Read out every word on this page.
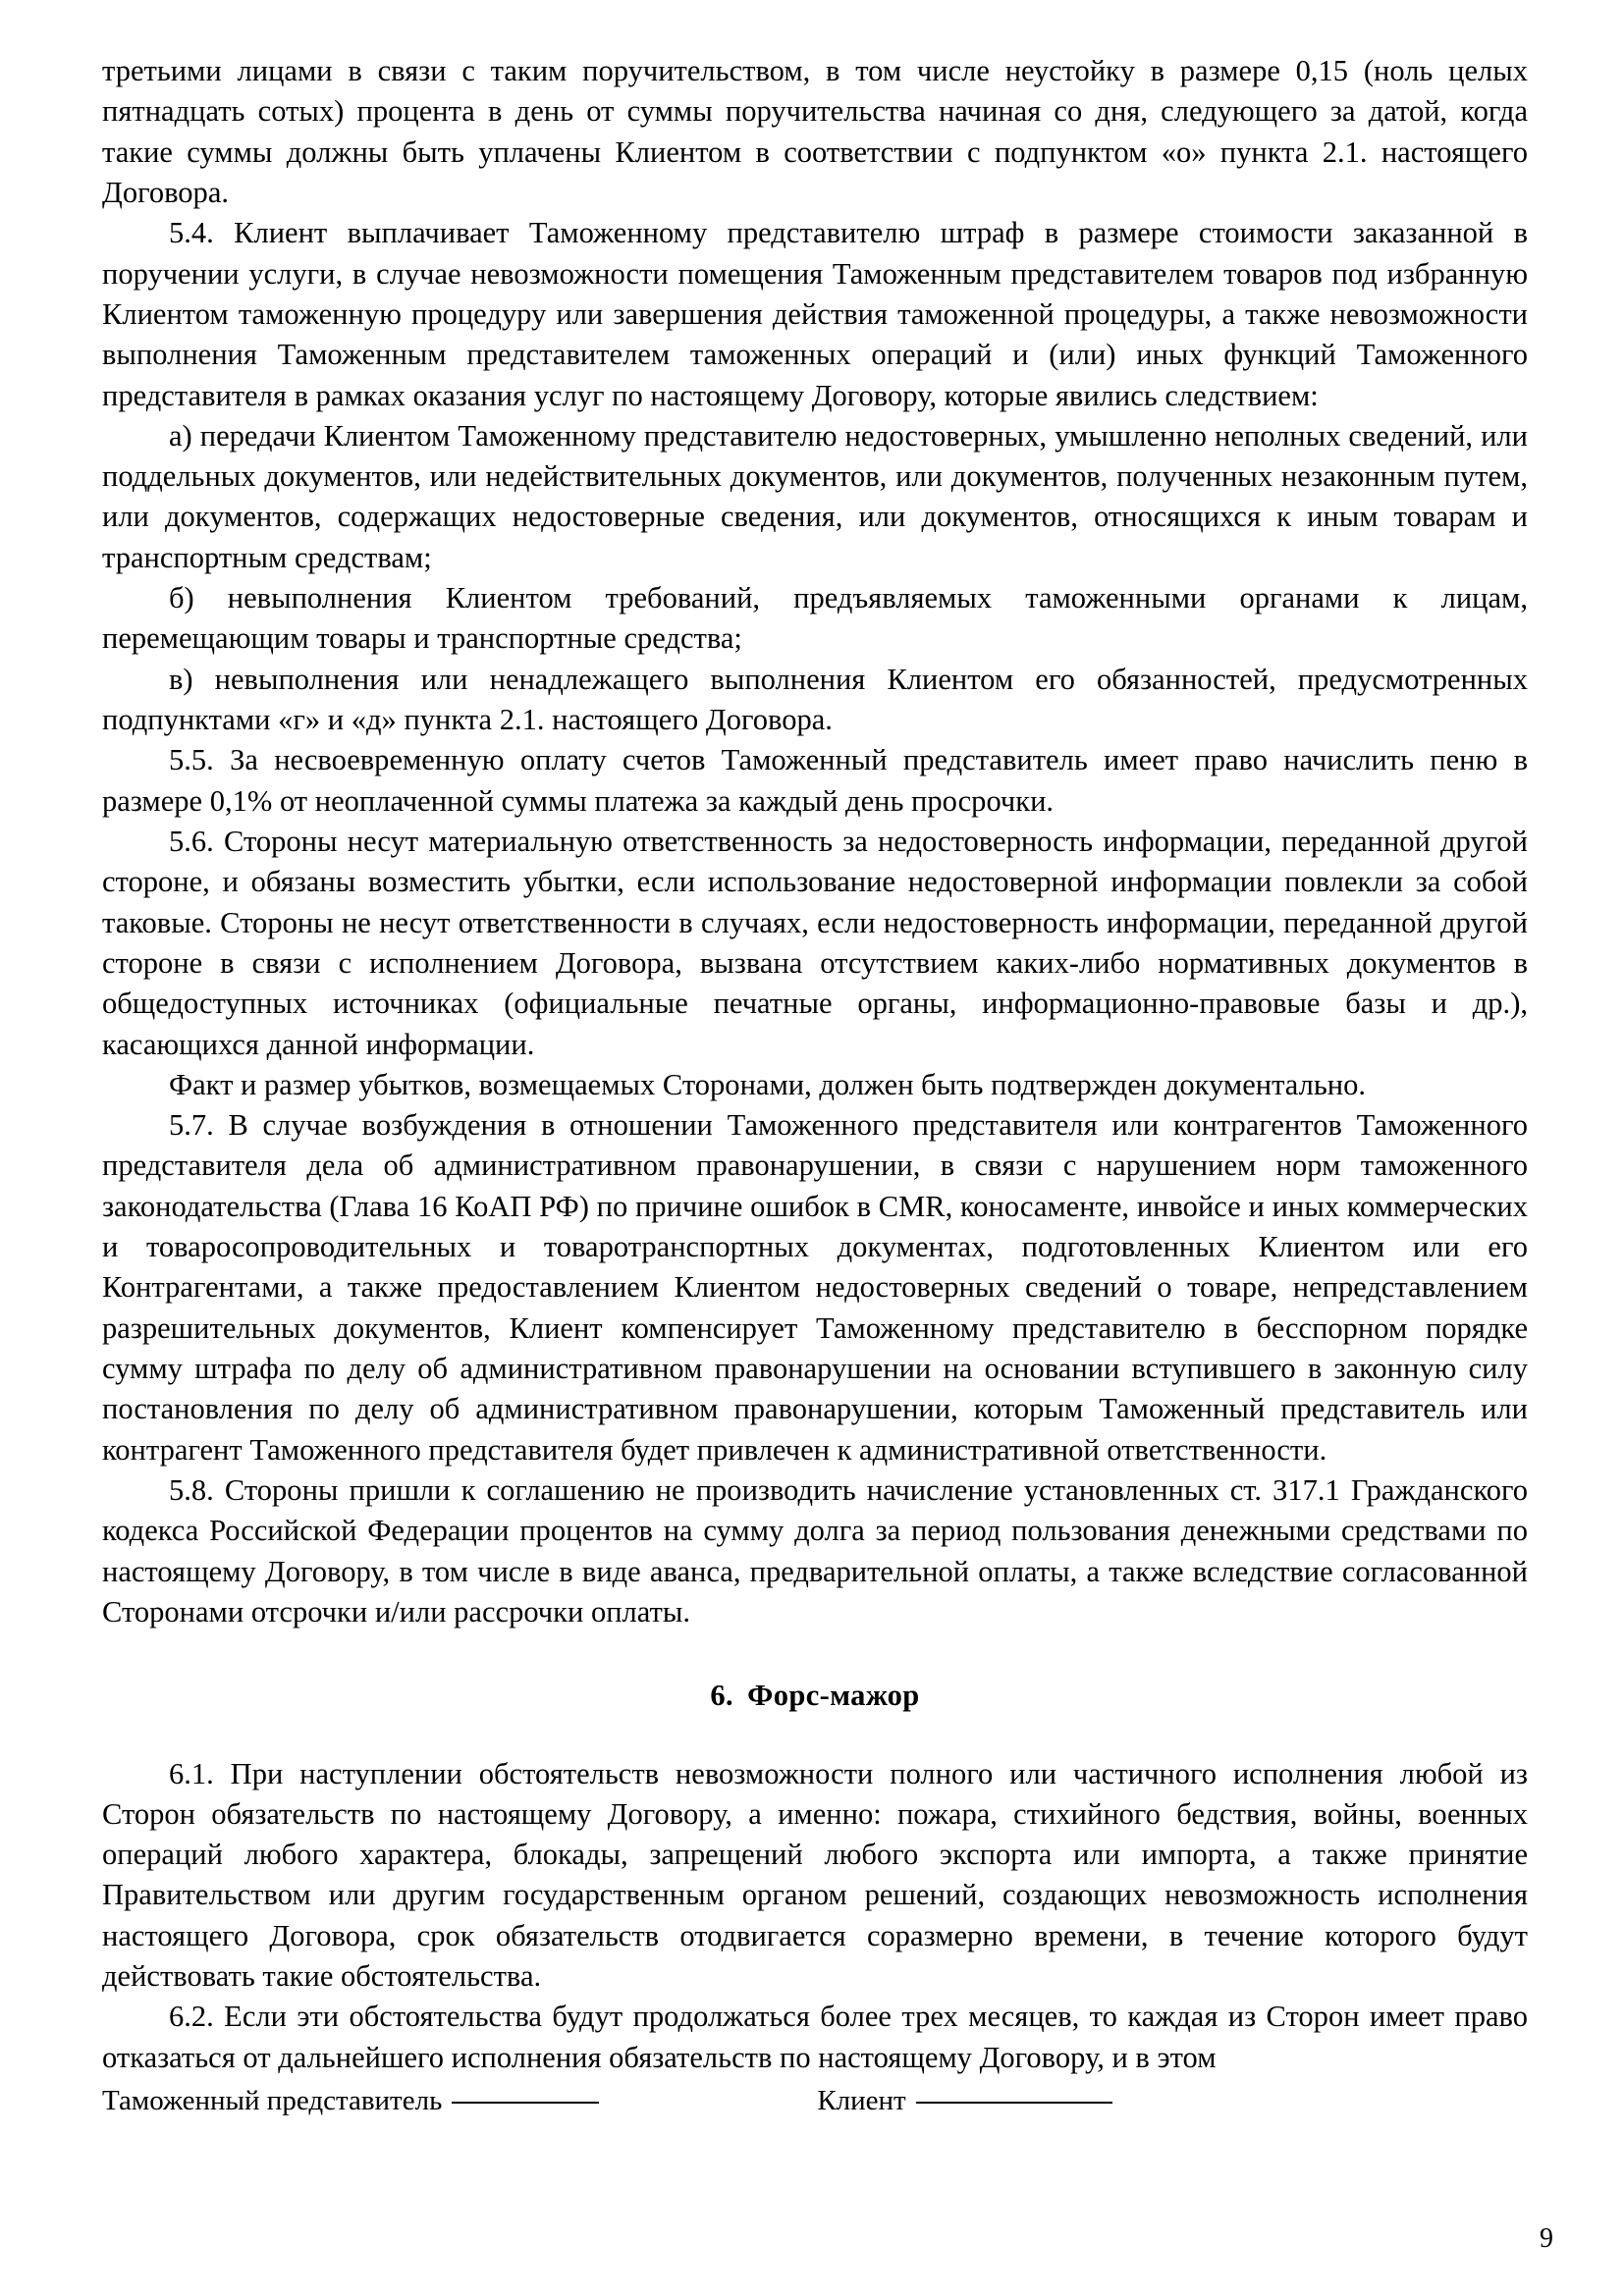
третьими лицами в связи с таким поручительством, в том числе неустойку в размере 0,15 (ноль целых пятнадцать сотых) процента в день от суммы поручительства начиная со дня, следующего за датой, когда такие суммы должны быть уплачены Клиентом в соответствии с подпунктом «о» пункта 2.1. настоящего Договора.

5.4. Клиент выплачивает Таможенному представителю штраф в размере стоимости заказанной в поручении услуги, в случае невозможности помещения Таможенным представителем товаров под избранную Клиентом таможенную процедуру или завершения действия таможенной процедуры, а также невозможности выполнения Таможенным представителем таможенных операций и (или) иных функций Таможенного представителя в рамках оказания услуг по настоящему Договору, которые явились следствием:

а) передачи Клиентом Таможенному представителю недостоверных, умышленно неполных сведений, или поддельных документов, или недействительных документов, или документов, полученных незаконным путем, или документов, содержащих недостоверные сведения, или документов, относящихся к иным товарам и транспортным средствам;

б) невыполнения Клиентом требований, предъявляемых таможенными органами к лицам, перемещающим товары и транспортные средства;

в) невыполнения или ненадлежащего выполнения Клиентом его обязанностей, предусмотренных подпунктами «г» и «д» пункта 2.1. настоящего Договора.

5.5. За несвоевременную оплату счетов Таможенный представитель имеет право начислить пеню в размере 0,1% от неоплаченной суммы платежа за каждый день просрочки.

5.6. Стороны несут материальную ответственность за недостоверность информации, переданной другой стороне, и обязаны возместить убытки, если использование недостоверной информации повлекли за собой таковые. Стороны не несут ответственности в случаях, если недостоверность информации, переданной другой стороне в связи с исполнением Договора, вызвана отсутствием каких-либо нормативных документов в общедоступных источниках (официальные печатные органы, информационно-правовые базы и др.), касающихся данной информации.

Факт и размер убытков, возмещаемых Сторонами, должен быть подтвержден документально.

5.7. В случае возбуждения в отношении Таможенного представителя или контрагентов Таможенного представителя дела об административном правонарушении, в связи с нарушением норм таможенного законодательства (Глава 16 КоАП РФ) по причине ошибок в CMR, коносаменте, инвойсе и иных коммерческих и товаросопроводительных и товаротранспортных документах, подготовленных Клиентом или его Контрагентами, а также предоставлением Клиентом недостоверных сведений о товаре, непредставлением разрешительных документов, Клиент компенсирует Таможенному представителю в бесспорном порядке сумму штрафа по делу об административном правонарушении на основании вступившего в законную силу постановления по делу об административном правонарушении, которым Таможенный представитель или контрагент Таможенного представителя будет привлечен к административной ответственности.

5.8. Стороны пришли к соглашению не производить начисление установленных ст. 317.1 Гражданского кодекса Российской Федерации процентов на сумму долга за период пользования денежными средствами по настоящему Договору, в том числе в виде аванса, предварительной оплаты, а также вследствие согласованной Сторонами отсрочки и/или рассрочки оплаты.

6. Форс-мажор

6.1. При наступлении обстоятельств невозможности полного или частичного исполнения любой из Сторон обязательств по настоящему Договору, а именно: пожара, стихийного бедствия, войны, военных операций любого характера, блокады, запрещений любого экспорта или импорта, а также принятие Правительством или другим государственным органом решений, создающих невозможность исполнения настоящего Договора, срок обязательств отодвигается соразмерно времени, в течение которого будут действовать такие обстоятельства.

6.2. Если эти обстоятельства будут продолжаться более трех месяцев, то каждая из Сторон имеет право отказаться от дальнейшего исполнения обязательств по настоящему Договору, и в этом

Таможенный представитель	Клиент
9
